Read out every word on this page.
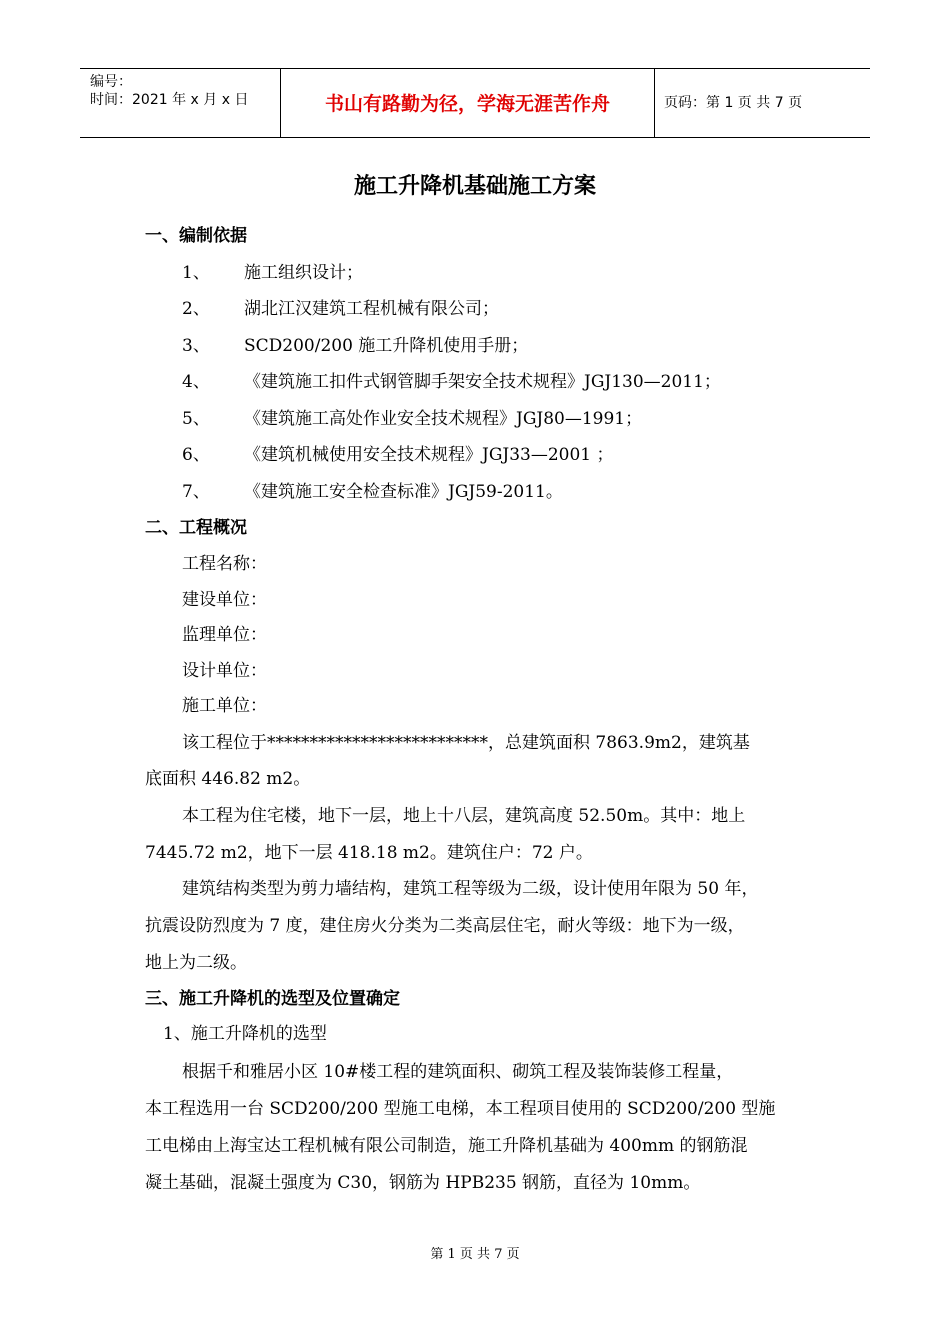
编号：
时间：2021 年 x 月 x 日	书山有路勤为径，学海无涯苦作舟	页码：第 1 页 共 7 页
施工升降机基础施工方案
一、编制依据
1、 施工组织设计；
2、 湖北江汉建筑工程机械有限公司；
3、 SCD200/200 施工升降机使用手册；
4、 《建筑施工扣件式钢管脚手架安全技术规程》JGJ130—2011；
5、 《建筑施工高处作业安全技术规程》JGJ80—1991；
6、 《建筑机械使用安全技术规程》JGJ33—2001 ；
7、 《建筑施工安全检查标准》JGJ59-2011。
二、工程概况
工程名称：
建设单位：
监理单位：
设计单位：
施工单位：
该工程位于**************************，总建筑面积 7863.9m2，建筑基
底面积 446.82 m2。
本工程为住宅楼，地下一层，地上十八层，建筑高度 52.50m。其中：地上
7445.72 m2，地下一层 418.18 m2。建筑住户：72 户。
建筑结构类型为剪力墙结构，建筑工程等级为二级，设计使用年限为 50 年，
抗震设防烈度为 7 度，建住房火分类为二类高层住宅，耐火等级：地下为一级，
地上为二级。
三、施工升降机的选型及位置确定
1、施工升降机的选型
根据千和雅居小区 10#楼工程的建筑面积、砌筑工程及装饰装修工程量，
本工程选用一台 SCD200/200 型施工电梯，本工程项目使用的 SCD200/200 型施
工电梯由上海宝达工程机械有限公司制造，施工升降机基础为 400mm 的钢筋混
凝土基础，混凝土强度为 C30，钢筋为 HPB235 钢筋，直径为 10mm。
第 1 页 共 7 页
